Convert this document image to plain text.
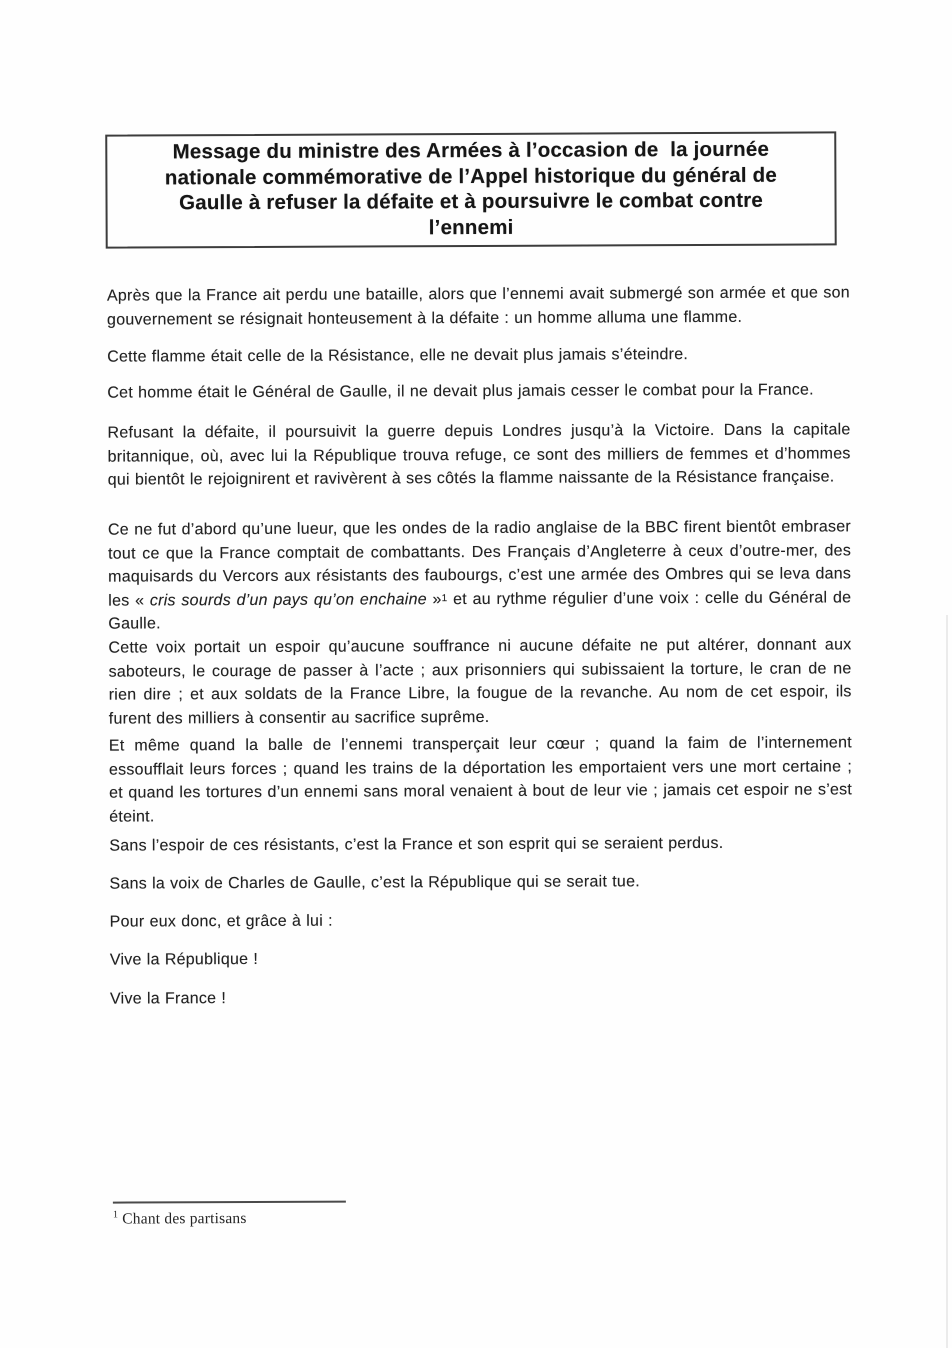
Message du ministre des Armées à l’occasion de  la journée
nationale commémorative de l’Appel historique du général de
Gaulle à refuser la défaite et à poursuivre le combat contre
l’ennemi

Après que la France ait perdu une bataille, alors que l’ennemi avait submergé son armée et que son gouvernement se résignait honteusement à la défaite : un homme alluma une flamme.

Cette flamme était celle de la Résistance, elle ne devait plus jamais s’éteindre.

Cet homme était le Général de Gaulle, il ne devait plus jamais cesser le combat pour la France.

Refusant la défaite, il poursuivit la guerre depuis Londres jusqu’à la Victoire. Dans la capitale britannique, où, avec lui la République trouva refuge, ce sont des milliers de femmes et d’hommes qui bientôt le rejoignirent et ravivèrent à ses côtés la flamme naissante de la Résistance française.

Ce ne fut d’abord qu’une lueur, que les ondes de la radio anglaise de la BBC firent bientôt embraser tout ce que la France comptait de combattants. Des Français d’Angleterre à ceux d’outre-mer, des maquisards du Vercors aux résistants des faubourgs, c’est une armée des Ombres qui se leva dans les « cris sourds d’un pays qu’on enchaine »$^1$ et au rythme régulier d’une voix : celle du Général de Gaulle.

Cette voix portait un espoir qu’aucune souffrance ni aucune défaite ne put altérer, donnant aux saboteurs, le courage de passer à l’acte ; aux prisonniers qui subissaient la torture, le cran de ne rien dire ; et aux soldats de la France Libre, la fougue de la revanche. Au nom de cet espoir, ils furent des milliers à consentir au sacrifice suprême.

Et même quand la balle de l’ennemi transperçait leur cœur ; quand la faim de l’internement essoufflait leurs forces ; quand les trains de la déportation les emportaient vers une mort certaine ; et quand les tortures d’un ennemi sans moral venaient à bout de leur vie ; jamais cet espoir ne s’est éteint.

Sans l’espoir de ces résistants, c’est la France et son esprit qui se seraient perdus.

Sans la voix de Charles de Gaulle, c’est la République qui se serait tue.

Pour eux donc, et grâce à lui :

Vive la République !

Vive la France !

$^1$ Chant des partisans
